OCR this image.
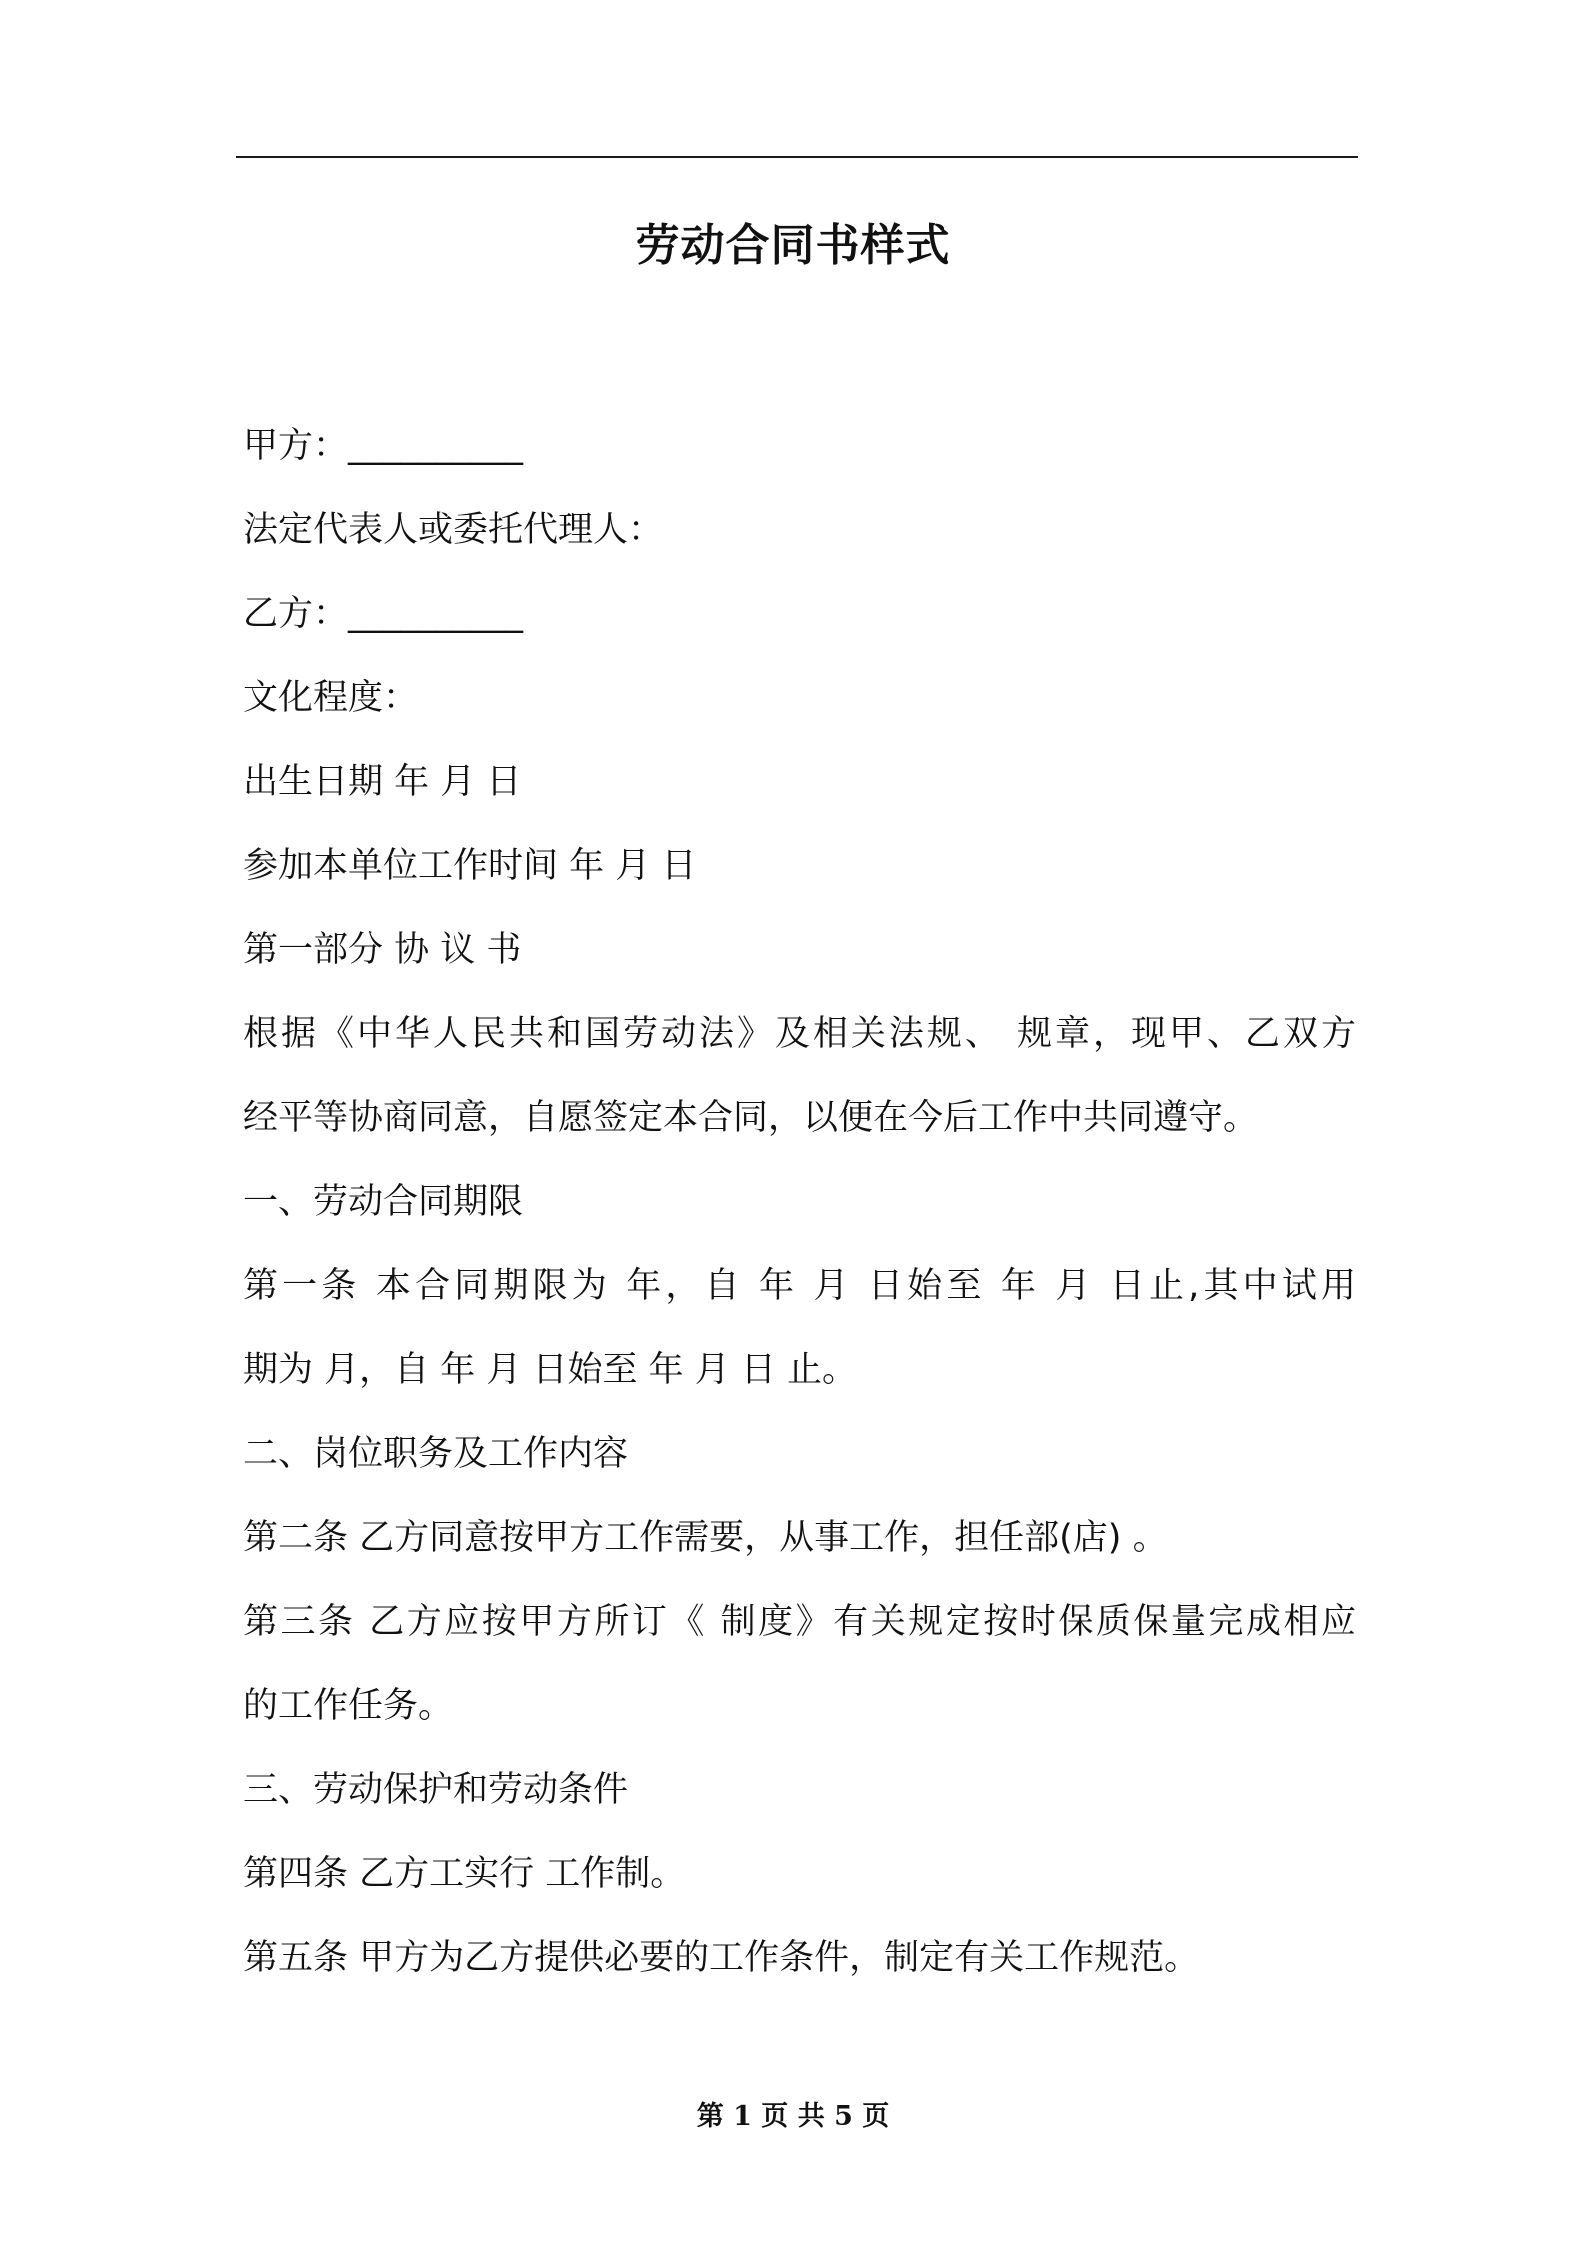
劳动合同书样式
甲方：__________
法定代表人或委托代理人：
乙方：__________
文化程度：
出生日期 年 月 日
参加本单位工作时间 年 月 日
第一部分 协 议 书
根据《中华人民共和国劳动法》及相关法规、 规章，现甲、乙双方
经平等协商同意，自愿签定本合同，以便在今后工作中共同遵守。
一、劳动合同期限
第一条 本合同期限为 年，自 年 月 日始至 年 月 日止,其中试用
期为 月，自 年 月 日始至 年 月 日 止。
二、岗位职务及工作内容
第二条 乙方同意按甲方工作需要，从事工作，担任部(店) 。
第三条 乙方应按甲方所订《 制度》有关规定按时保质保量完成相应
的工作任务。
三、劳动保护和劳动条件
第四条 乙方工实行 工作制。
第五条 甲方为乙方提供必要的工作条件，制定有关工作规范。
第 1 页 共 5 页
